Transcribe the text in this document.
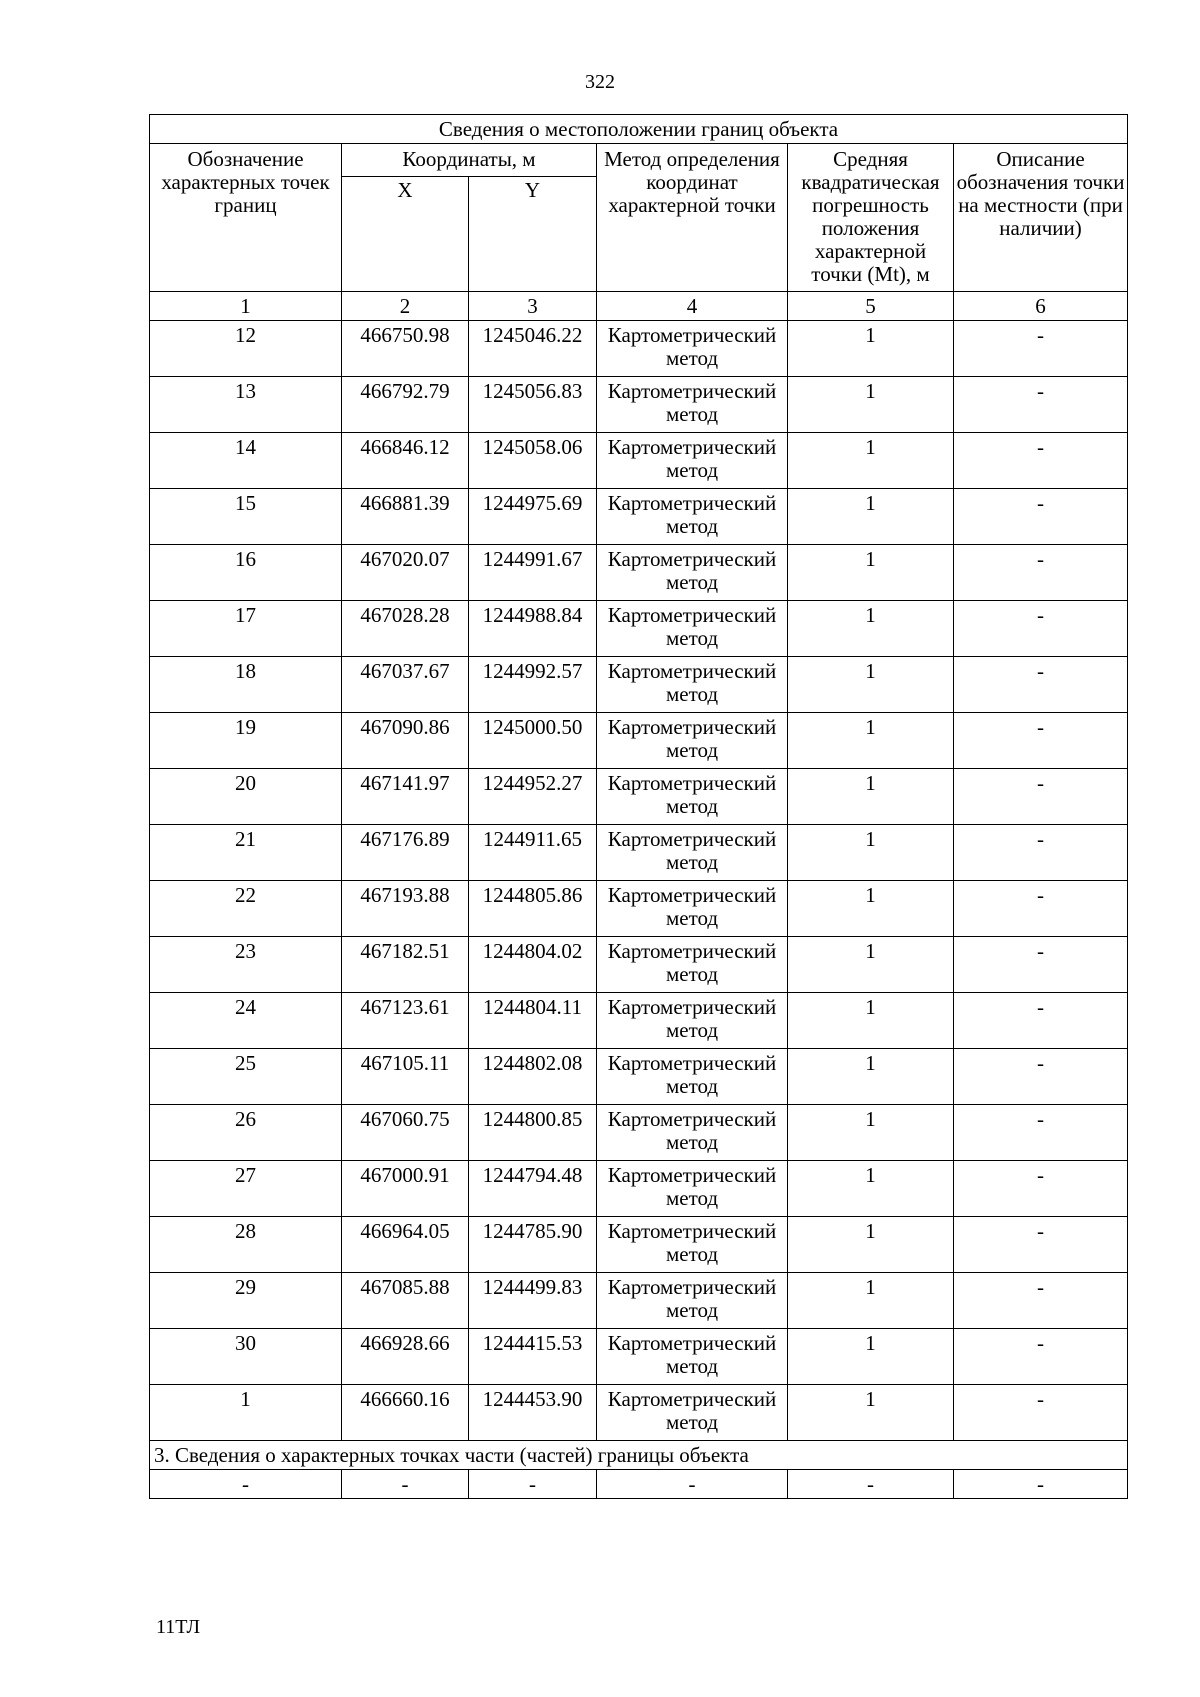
322
Сведения о местоположении границ объекта					
Обозначение характерных точек границ	Координаты, м		Метод определения координат характерной точки	Средняя квадратическая погрешность положения характерной точки (Mt), м	Описание обозначения точки на местности (при наличии)
	X	Y			
1	2	3	4	5	6
12	466750.98	1245046.22	Картометрический метод	1	-
13	466792.79	1245056.83	Картометрический метод	1	-
14	466846.12	1245058.06	Картометрический метод	1	-
15	466881.39	1244975.69	Картометрический метод	1	-
16	467020.07	1244991.67	Картометрический метод	1	-
17	467028.28	1244988.84	Картометрический метод	1	-
18	467037.67	1244992.57	Картометрический метод	1	-
19	467090.86	1245000.50	Картометрический метод	1	-
20	467141.97	1244952.27	Картометрический метод	1	-
21	467176.89	1244911.65	Картометрический метод	1	-
22	467193.88	1244805.86	Картометрический метод	1	-
23	467182.51	1244804.02	Картометрический метод	1	-
24	467123.61	1244804.11	Картометрический метод	1	-
25	467105.11	1244802.08	Картометрический метод	1	-
26	467060.75	1244800.85	Картометрический метод	1	-
27	467000.91	1244794.48	Картометрический метод	1	-
28	466964.05	1244785.90	Картометрический метод	1	-
29	467085.88	1244499.83	Картометрический метод	1	-
30	466928.66	1244415.53	Картометрический метод	1	-
1	466660.16	1244453.90	Картометрический метод	1	-
3. Сведения о характерных точках части (частей) границы объекта					
-	-	-	-	-	-
11ТЛ
